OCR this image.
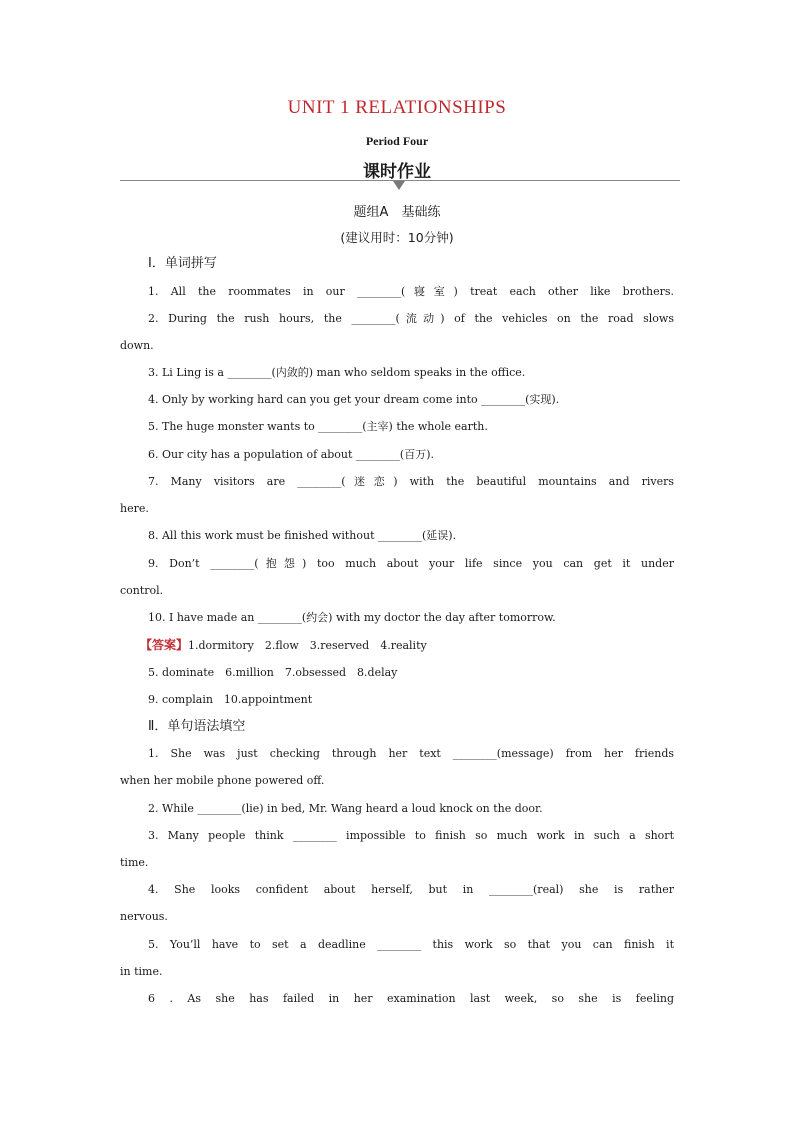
UNIT 1 RELATIONSHIPS
Period Four
课时作业
题组A　基础练
(建议用时：10分钟)
Ⅰ．单词拼写
1. All the roommates in our ________(寝室) treat each other like brothers.
2. During the rush hours, the ________(流动) of the vehicles on the road slows
down.
3. Li Ling is a ________(内敛的) man who seldom speaks in the office.
4. Only by working hard can you get your dream come into ________(实现).
5. The huge monster wants to ________(主宰) the whole earth.
6. Our city has a population of about ________(百万).
7. Many visitors are ________(迷恋) with the beautiful mountains and rivers
here.
8. All this work must be finished without ________(延误).
9. Don’t ________(抱怨) too much about your life since you can get it under
control.
10. I have made an ________(约会) with my doctor the day after tomorrow.
【答案】1.dormitory　2.flow　3.reserved　4.reality
5. dominate　6.million　7.obsessed　8.delay
9. complain　10.appointment
Ⅱ．单句语法填空
1. She was just checking through her text ________(message) from her friends
when her mobile phone powered off.
2. While ________(lie) in bed, Mr. Wang heard a loud knock on the door.
3. Many people think ________ impossible to finish so much work in such a short
time.
4. She looks confident about herself, but in ________(real) she is rather
nervous.
5. You’ll have to set a deadline ________ this work so that you can finish it
in time.
6 . As she has failed in her examination last week, so she is feeling
